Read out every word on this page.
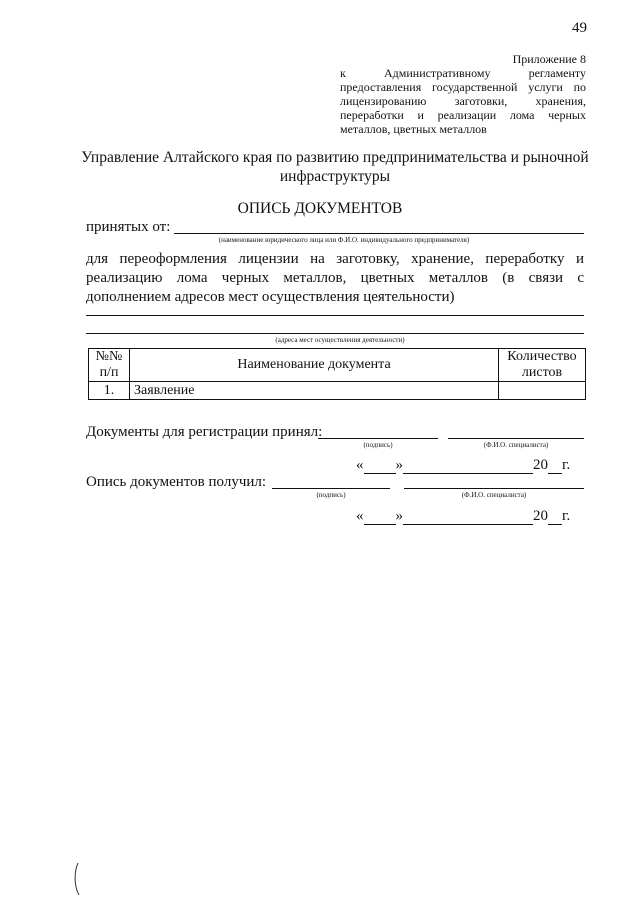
49
Приложение 8
к Административному регламенту предоставления государственной услуги по лицензированию заготовки, хранения, переработки и реализации лома черных металлов, цветных металлов
Управление Алтайского края по развитию предпринимательства и рыночной инфраструктуры
ОПИСЬ ДОКУМЕНТОВ
принятых от:
(наименование юридического лица или Ф.И.О. индивидуального предпринимателя)
для переоформления лицензии на заготовку, хранение, переработку и реализацию лома черных металлов, цветных металлов (в связи с дополнением адресов мест осуществления цеятельности)
(адреса мест осуществления деятельности)
№№ п/п	Наименование документа	Количество листов
1.	Заявление	
Документы для регистрации принял:
(подпись)	(Ф.И.О. специалиста)
« »	20 г.
Опись документов получил:
(подпись)	(Ф.И.О. специалиста)
« »	20 г.
